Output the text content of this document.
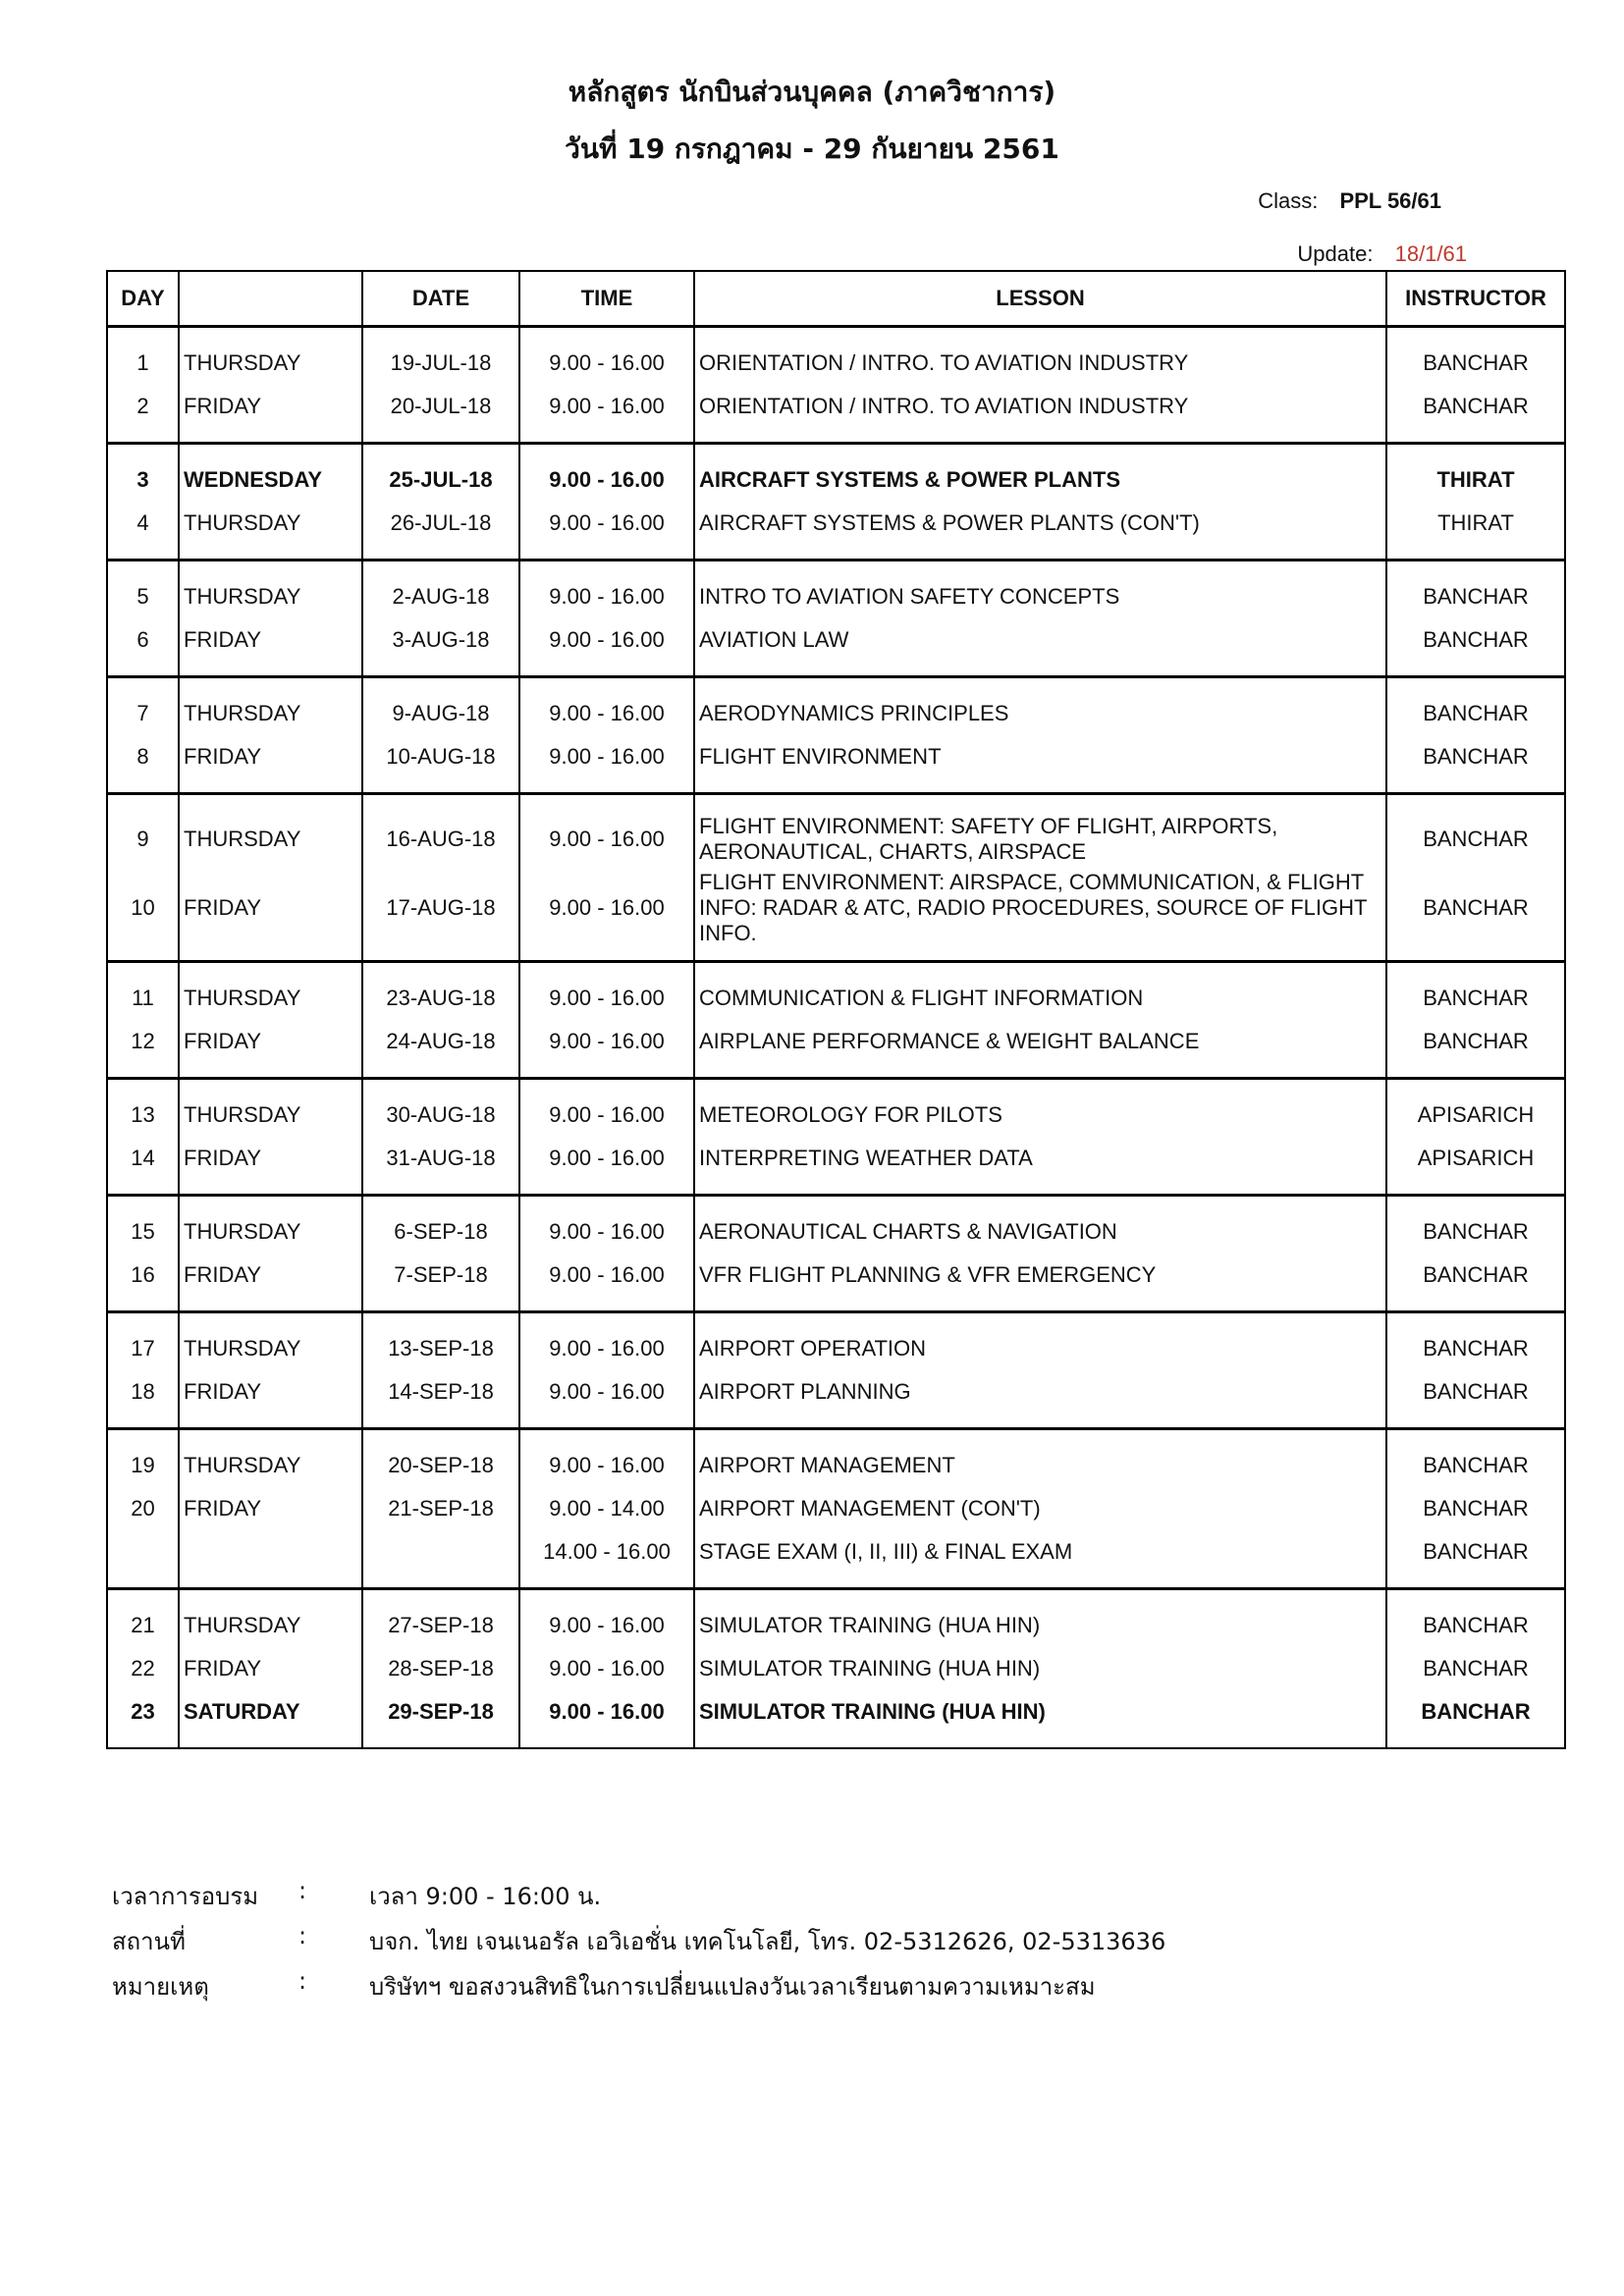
หลักสูตร นักบินส่วนบุคคล (ภาควิชาการ)
วันที่ 19 กรกฎาคม - 29 กันยายน 2561
Class: PPL 56/61
Update: 18/1/61
DAY		DATE	TIME	LESSON	INSTRUCTOR

1	THURSDAY	19-JUL-18	9.00 - 16.00	ORIENTATION / INTRO. TO AVIATION INDUSTRY	BANCHAR
2	FRIDAY	20-JUL-18	9.00 - 16.00	ORIENTATION / INTRO. TO AVIATION INDUSTRY	BANCHAR

3	WEDNESDAY	25-JUL-18	9.00 - 16.00	AIRCRAFT SYSTEMS & POWER PLANTS	THIRAT
4	THURSDAY	26-JUL-18	9.00 - 16.00	AIRCRAFT SYSTEMS & POWER PLANTS (CON'T)	THIRAT

5	THURSDAY	2-AUG-18	9.00 - 16.00	INTRO TO AVIATION SAFETY CONCEPTS	BANCHAR
6	FRIDAY	3-AUG-18	9.00 - 16.00	AVIATION LAW	BANCHAR

7	THURSDAY	9-AUG-18	9.00 - 16.00	AERODYNAMICS PRINCIPLES	BANCHAR
8	FRIDAY	10-AUG-18	9.00 - 16.00	FLIGHT ENVIRONMENT	BANCHAR

9	THURSDAY	16-AUG-18	9.00 - 16.00	FLIGHT ENVIRONMENT: SAFETY OF FLIGHT, AIRPORTS, AERONAUTICAL, CHARTS, AIRSPACE	BANCHAR
10	FRIDAY	17-AUG-18	9.00 - 16.00	FLIGHT ENVIRONMENT: AIRSPACE, COMMUNICATION, & FLIGHT INFO: RADAR & ATC, RADIO PROCEDURES, SOURCE OF FLIGHT INFO.	BANCHAR

11	THURSDAY	23-AUG-18	9.00 - 16.00	COMMUNICATION & FLIGHT INFORMATION	BANCHAR
12	FRIDAY	24-AUG-18	9.00 - 16.00	AIRPLANE PERFORMANCE & WEIGHT BALANCE	BANCHAR

13	THURSDAY	30-AUG-18	9.00 - 16.00	METEOROLOGY FOR PILOTS	APISARICH
14	FRIDAY	31-AUG-18	9.00 - 16.00	INTERPRETING WEATHER DATA	APISARICH

15	THURSDAY	6-SEP-18	9.00 - 16.00	AERONAUTICAL CHARTS & NAVIGATION	BANCHAR
16	FRIDAY	7-SEP-18	9.00 - 16.00	VFR FLIGHT PLANNING & VFR EMERGENCY	BANCHAR

17	THURSDAY	13-SEP-18	9.00 - 16.00	AIRPORT OPERATION	BANCHAR
18	FRIDAY	14-SEP-18	9.00 - 16.00	AIRPORT PLANNING	BANCHAR

19	THURSDAY	20-SEP-18	9.00 - 16.00	AIRPORT MANAGEMENT	BANCHAR
20	FRIDAY	21-SEP-18	9.00 - 14.00	AIRPORT MANAGEMENT (CON'T)	BANCHAR
			14.00 - 16.00	STAGE EXAM (I, II, III) & FINAL EXAM	BANCHAR

21	THURSDAY	27-SEP-18	9.00 - 16.00	SIMULATOR TRAINING (HUA HIN)	BANCHAR
22	FRIDAY	28-SEP-18	9.00 - 16.00	SIMULATOR TRAINING (HUA HIN)	BANCHAR
23	SATURDAY	29-SEP-18	9.00 - 16.00	SIMULATOR TRAINING (HUA HIN)	BANCHAR

เวลาการอบรม :	เวลา 9:00 - 16:00 น.
สถานที่	:	บจก. ไทย เจนเนอรัล เอวิเอชั่น เทคโนโลยี, โทร. 02-5312626, 02-5313636
หมายเหตุ	:	บริษัทฯ ขอสงวนสิทธิในการเปลี่ยนแปลงวันเวลาเรียนตามความเหมาะสม
